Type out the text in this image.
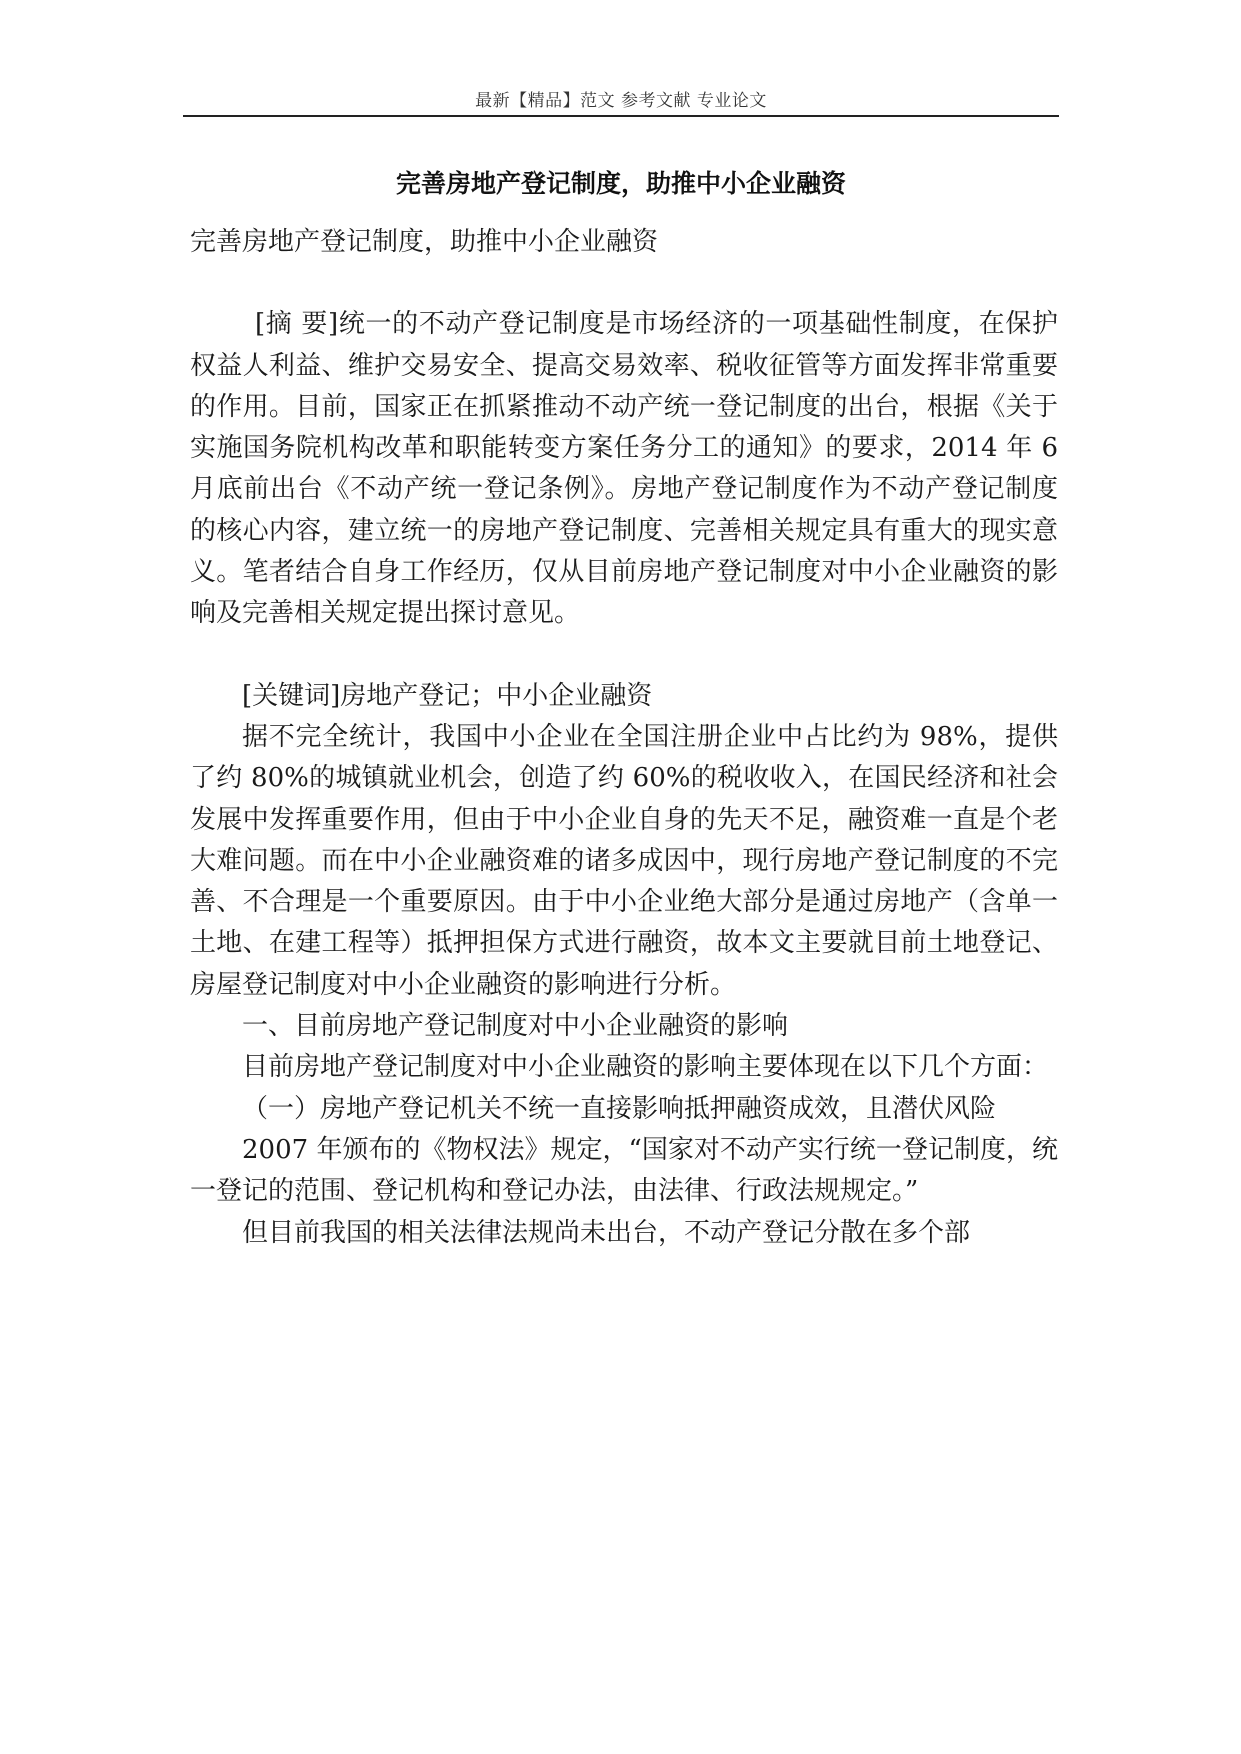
最新【精品】范文 参考文献 专业论文
完善房地产登记制度，助推中小企业融资

完善房地产登记制度，助推中小企业融资

[摘 要]统一的不动产登记制度是市场经济的一项基础性制度，在保护权益人利益、维护交易安全、提高交易效率、税收征管等方面发挥非常重要的作用。目前，国家正在抓紧推动不动产统一登记制度的出台，根据《关于实施国务院机构改革和职能转变方案任务分工的通知》的要求，2014 年 6 月底前出台《不动产统一登记条例》。房地产登记制度作为不动产登记制度的核心内容，建立统一的房地产登记制度、完善相关规定具有重大的现实意义。笔者结合自身工作经历，仅从目前房地产登记制度对中小企业融资的影响及完善相关规定提出探讨意见。

[关键词]房地产登记；中小企业融资

据不完全统计，我国中小企业在全国注册企业中占比约为 98%，提供了约 80%的城镇就业机会，创造了约 60%的税收收入，在国民经济和社会发展中发挥重要作用，但由于中小企业自身的先天不足，融资难一直是个老大难问题。而在中小企业融资难的诸多成因中，现行房地产登记制度的不完善、不合理是一个重要原因。由于中小企业绝大部分是通过房地产（含单一土地、在建工程等）抵押担保方式进行融资，故本文主要就目前土地登记、房屋登记制度对中小企业融资的影响进行分析。

一、目前房地产登记制度对中小企业融资的影响

目前房地产登记制度对中小企业融资的影响主要体现在以下几个方面：

（一）房地产登记机关不统一直接影响抵押融资成效，且潜伏风险

2007 年颁布的《物权法》规定，“国家对不动产实行统一登记制度，统一登记的范围、登记机构和登记办法，由法律、行政法规规定。”

但目前我国的相关法律法规尚未出台，不动产登记分散在多个部
